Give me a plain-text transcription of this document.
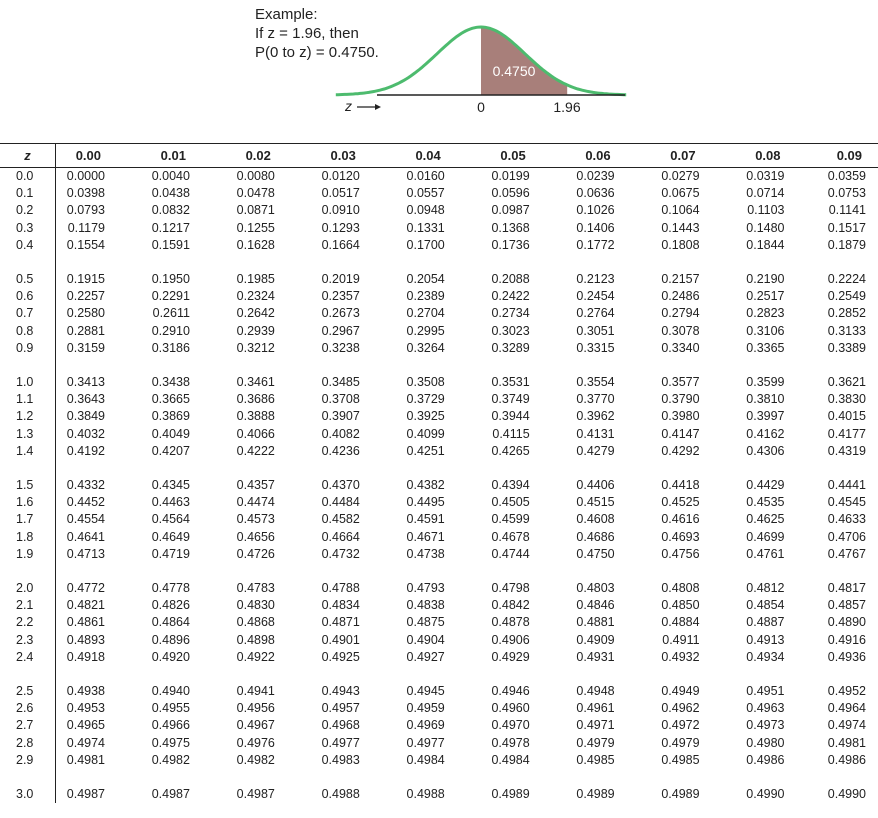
Example:
If z = 1.96, then
P(0 to z) = 0.4750.
0.4750
z	0	1.96
z	0.00	0.01	0.02	0.03	0.04	0.05	0.06	0.07	0.08	0.09
0.0	0.0000	0.0040	0.0080	0.0120	0.0160	0.0199	0.0239	0.0279	0.0319	0.0359
0.1	0.0398	0.0438	0.0478	0.0517	0.0557	0.0596	0.0636	0.0675	0.0714	0.0753
0.2	0.0793	0.0832	0.0871	0.0910	0.0948	0.0987	0.1026	0.1064	0.1103	0.1141
0.3	0.1179	0.1217	0.1255	0.1293	0.1331	0.1368	0.1406	0.1443	0.1480	0.1517
0.4	0.1554	0.1591	0.1628	0.1664	0.1700	0.1736	0.1772	0.1808	0.1844	0.1879

0.5	0.1915	0.1950	0.1985	0.2019	0.2054	0.2088	0.2123	0.2157	0.2190	0.2224
0.6	0.2257	0.2291	0.2324	0.2357	0.2389	0.2422	0.2454	0.2486	0.2517	0.2549
0.7	0.2580	0.2611	0.2642	0.2673	0.2704	0.2734	0.2764	0.2794	0.2823	0.2852
0.8	0.2881	0.2910	0.2939	0.2967	0.2995	0.3023	0.3051	0.3078	0.3106	0.3133
0.9	0.3159	0.3186	0.3212	0.3238	0.3264	0.3289	0.3315	0.3340	0.3365	0.3389

1.0	0.3413	0.3438	0.3461	0.3485	0.3508	0.3531	0.3554	0.3577	0.3599	0.3621
1.1	0.3643	0.3665	0.3686	0.3708	0.3729	0.3749	0.3770	0.3790	0.3810	0.3830
1.2	0.3849	0.3869	0.3888	0.3907	0.3925	0.3944	0.3962	0.3980	0.3997	0.4015
1.3	0.4032	0.4049	0.4066	0.4082	0.4099	0.4115	0.4131	0.4147	0.4162	0.4177
1.4	0.4192	0.4207	0.4222	0.4236	0.4251	0.4265	0.4279	0.4292	0.4306	0.4319

1.5	0.4332	0.4345	0.4357	0.4370	0.4382	0.4394	0.4406	0.4418	0.4429	0.4441
1.6	0.4452	0.4463	0.4474	0.4484	0.4495	0.4505	0.4515	0.4525	0.4535	0.4545
1.7	0.4554	0.4564	0.4573	0.4582	0.4591	0.4599	0.4608	0.4616	0.4625	0.4633
1.8	0.4641	0.4649	0.4656	0.4664	0.4671	0.4678	0.4686	0.4693	0.4699	0.4706
1.9	0.4713	0.4719	0.4726	0.4732	0.4738	0.4744	0.4750	0.4756	0.4761	0.4767

2.0	0.4772	0.4778	0.4783	0.4788	0.4793	0.4798	0.4803	0.4808	0.4812	0.4817
2.1	0.4821	0.4826	0.4830	0.4834	0.4838	0.4842	0.4846	0.4850	0.4854	0.4857
2.2	0.4861	0.4864	0.4868	0.4871	0.4875	0.4878	0.4881	0.4884	0.4887	0.4890
2.3	0.4893	0.4896	0.4898	0.4901	0.4904	0.4906	0.4909	0.4911	0.4913	0.4916
2.4	0.4918	0.4920	0.4922	0.4925	0.4927	0.4929	0.4931	0.4932	0.4934	0.4936

2.5	0.4938	0.4940	0.4941	0.4943	0.4945	0.4946	0.4948	0.4949	0.4951	0.4952
2.6	0.4953	0.4955	0.4956	0.4957	0.4959	0.4960	0.4961	0.4962	0.4963	0.4964
2.7	0.4965	0.4966	0.4967	0.4968	0.4969	0.4970	0.4971	0.4972	0.4973	0.4974
2.8	0.4974	0.4975	0.4976	0.4977	0.4977	0.4978	0.4979	0.4979	0.4980	0.4981
2.9	0.4981	0.4982	0.4982	0.4983	0.4984	0.4984	0.4985	0.4985	0.4986	0.4986

3.0	0.4987	0.4987	0.4987	0.4988	0.4988	0.4989	0.4989	0.4989	0.4990	0.4990
